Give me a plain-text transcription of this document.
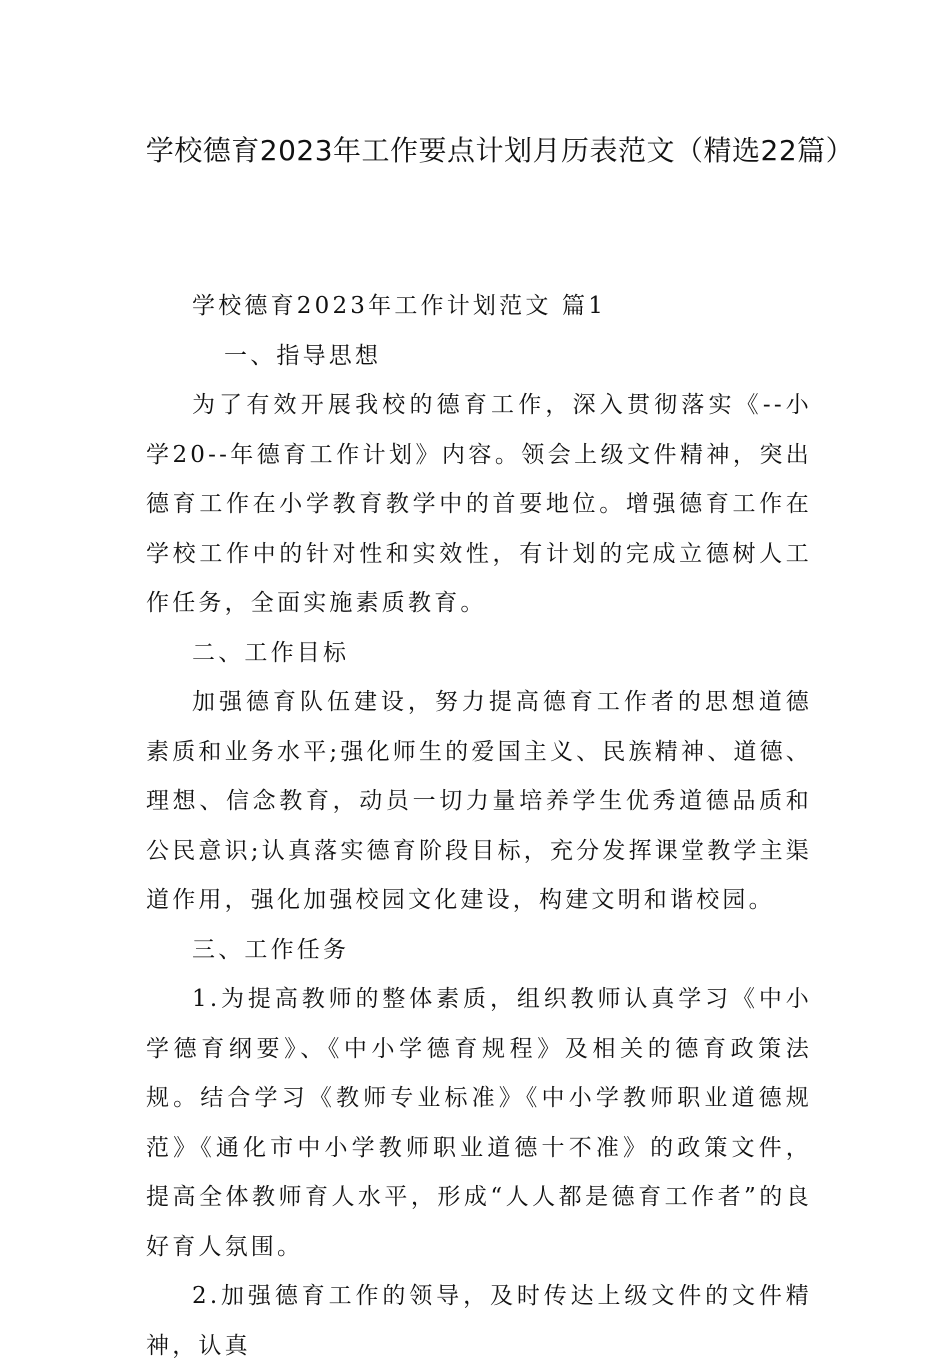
学校德育2023年工作要点计划月历表范文（精选22篇）

学校德育2023年工作计划范文 篇1

一、指导思想

为了有效开展我校的德育工作，深入贯彻落实《--小学20--年德育工作计划》内容。领会上级文件精神，突出德育工作在小学教育教学中的首要地位。增强德育工作在学校工作中的针对性和实效性，有计划的完成立德树人工作任务，全面实施素质教育。

二、工作目标

加强德育队伍建设，努力提高德育工作者的思想道德素质和业务水平;强化师生的爱国主义、民族精神、道德、理想、信念教育，动员一切力量培养学生优秀道德品质和公民意识;认真落实德育阶段目标，充分发挥课堂教学主渠道作用，强化加强校园文化建设，构建文明和谐校园。

三、工作任务

1.为提高教师的整体素质，组织教师认真学习《中小学德育纲要》、《中小学德育规程》及相关的德育政策法规。结合学习《教师专业标准》《中小学教师职业道德规范》《通化市中小学教师职业道德十不准》的政策文件，提高全体教师育人水平，形成“人人都是德育工作者”的良好育人氛围。

2.加强德育工作的领导，及时传达上级文件的文件精神，认真
